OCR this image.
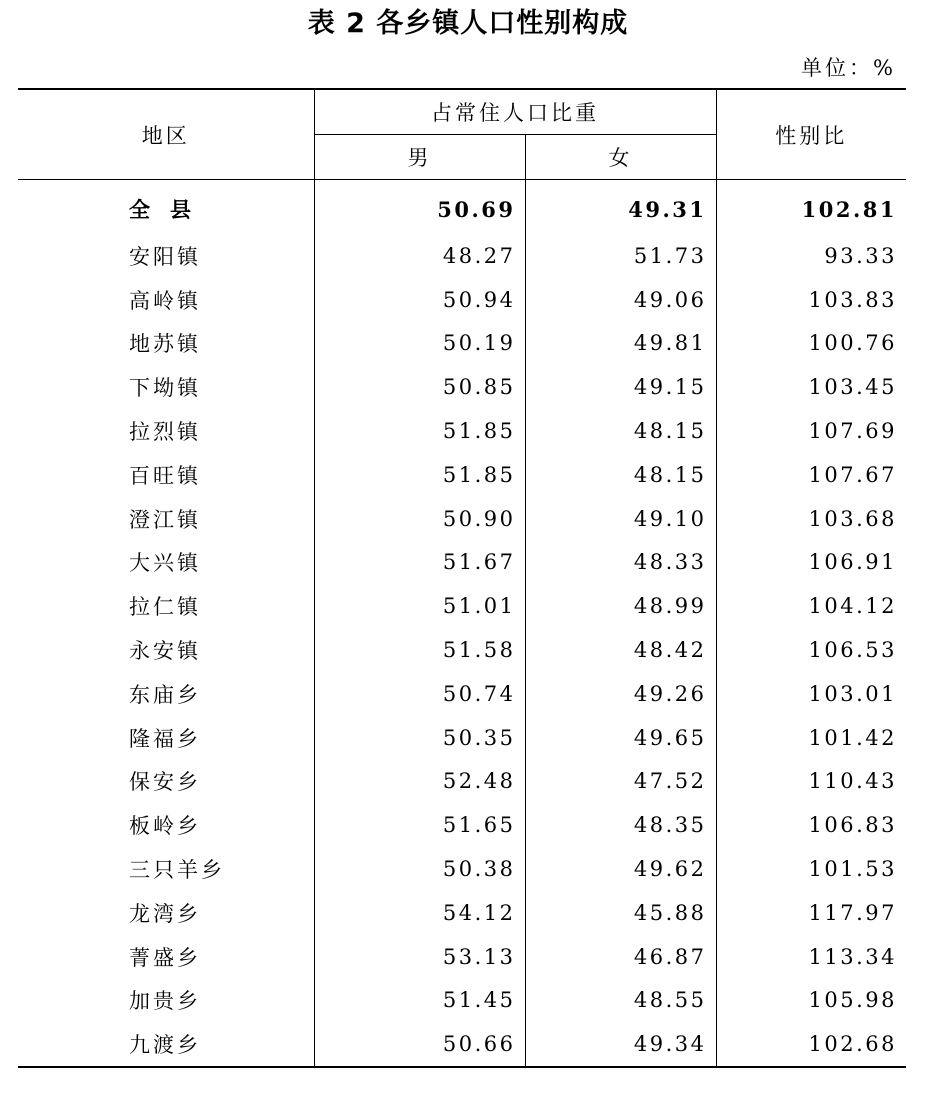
表 2 各乡镇人口性别构成
单位：%
地区	占常住人口比重		性别比
	男	女	
全县	50.69	49.31	102.81
安阳镇	48.27	51.73	93.33
高岭镇	50.94	49.06	103.83
地苏镇	50.19	49.81	100.76
下坳镇	50.85	49.15	103.45
拉烈镇	51.85	48.15	107.69
百旺镇	51.85	48.15	107.67
澄江镇	50.90	49.10	103.68
大兴镇	51.67	48.33	106.91
拉仁镇	51.01	48.99	104.12
永安镇	51.58	48.42	106.53
东庙乡	50.74	49.26	103.01
隆福乡	50.35	49.65	101.42
保安乡	52.48	47.52	110.43
板岭乡	51.65	48.35	106.83
三只羊乡	50.38	49.62	101.53
龙湾乡	54.12	45.88	117.97
菁盛乡	53.13	46.87	113.34
加贵乡	51.45	48.55	105.98
九渡乡	50.66	49.34	102.68
